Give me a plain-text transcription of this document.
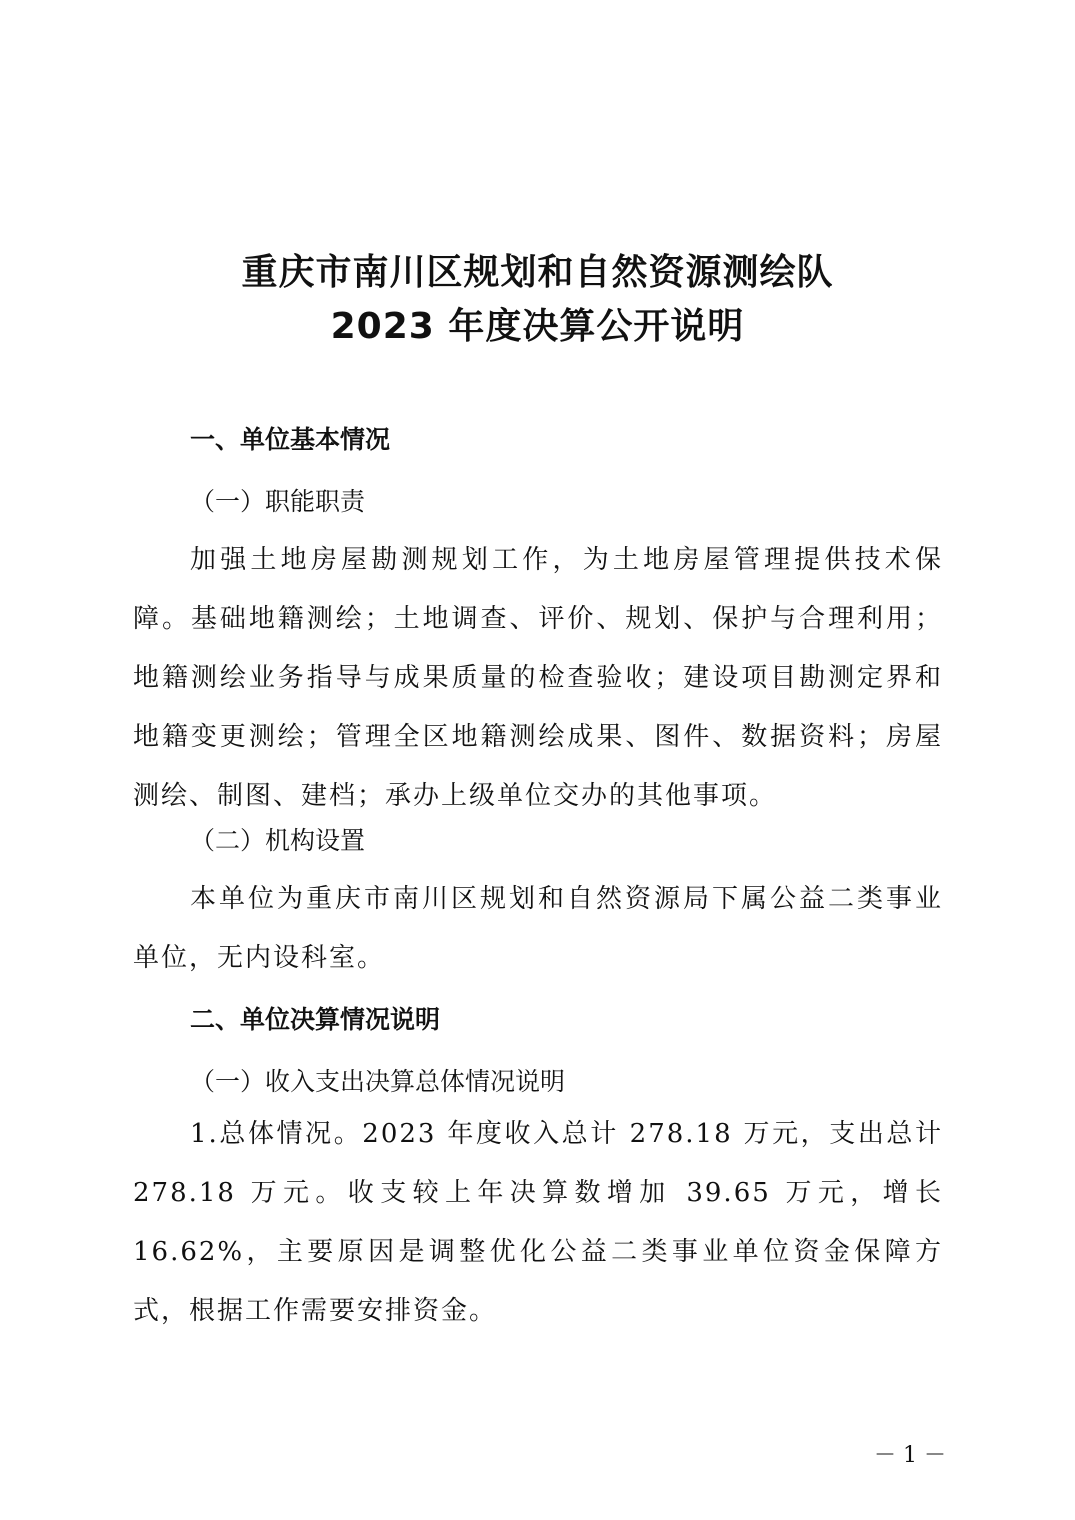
重庆市南川区规划和自然资源测绘队
2023 年度决算公开说明
一、单位基本情况
（一）职能职责
加强土地房屋勘测规划工作，为土地房屋管理提供技术保障。基础地籍测绘；土地调查、评价、规划、保护与合理利用；地籍测绘业务指导与成果质量的检查验收；建设项目勘测定界和地籍变更测绘；管理全区地籍测绘成果、图件、数据资料；房屋测绘、制图、建档；承办上级单位交办的其他事项。
（二）机构设置
本单位为重庆市南川区规划和自然资源局下属公益二类事业单位，无内设科室。
二、单位决算情况说明
（一）收入支出决算总体情况说明
1.总体情况。2023 年度收入总计 278.18 万元，支出总计 278.18 万元。收支较上年决算数增加 39.65 万元，增长 16.62%，主要原因是调整优化公益二类事业单位资金保障方式，根据工作需要安排资金。
－ 1 －
